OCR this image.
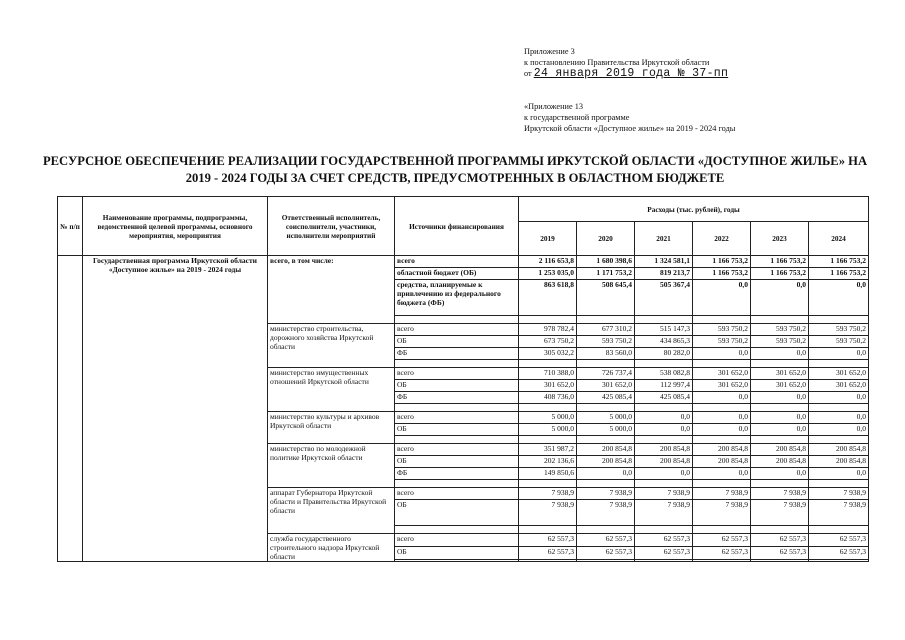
Приложение 3
к постановлению Правительства Иркутской области
от 24 января 2019 года № 37-пп
«Приложение 13
к государственной программе
Иркутской области «Доступное жилье» на 2019 - 2024 годы
РЕСУРСНОЕ ОБЕСПЕЧЕНИЕ РЕАЛИЗАЦИИ ГОСУДАРСТВЕННОЙ ПРОГРАММЫ ИРКУТСКОЙ ОБЛАСТИ «ДОСТУПНОЕ ЖИЛЬЕ» НА 2019 - 2024 ГОДЫ ЗА СЧЕТ СРЕДСТВ, ПРЕДУСМОТРЕННЫХ В ОБЛАСТНОМ БЮДЖЕТЕ
№ п/п	Наименование программы, подпрограммы, ведомственной целевой программы, основного мероприятия, мероприятия	Ответственный исполнитель, соисполнители, участники, исполнители мероприятий	Источники финансирования	Расходы (тыс. рублей), годы					
				2019	2020	2021	2022	2023	2024
	Государственная программа Иркутской области «Доступное жилье» на 2019 - 2024 годы	всего, в том числе:	всего	2 116 653,8	1 680 398,6	1 324 581,1	1 166 753,2	1 166 753,2	1 166 753,2
			областной бюджет (ОБ)	1 253 035,0	1 171 753,2	819 213,7	1 166 753,2	1 166 753,2	1 166 753,2
			средства, планируемые к привлечению из федерального бюджета (ФБ)	863 618,8	508 645,4	505 367,4	0,0	0,0	0,0

		министерство строительства, дорожного хозяйства Иркутской области	всего	978 782,4	677 310,2	515 147,3	593 750,2	593 750,2	593 750,2
			ОБ	673 750,2	593 750,2	434 865,3	593 750,2	593 750,2	593 750,2
			ФБ	305 032,2	83 560,0	80 282,0	0,0	0,0	0,0

		министерство имущественных отношений Иркутской области	всего	710 388,0	726 737,4	538 082,8	301 652,0	301 652,0	301 652,0
			ОБ	301 652,0	301 652,0	112 997,4	301 652,0	301 652,0	301 652,0
			ФБ	408 736,0	425 085,4	425 085,4	0,0	0,0	0,0

		министерство культуры и архивов Иркутской области	всего	5 000,0	5 000,0	0,0	0,0	0,0	0,0
			ОБ	5 000,0	5 000,0	0,0	0,0	0,0	0,0

		министерство по молодежной политике Иркутской области	всего	351 987,2	200 854,8	200 854,8	200 854,8	200 854,8	200 854,8
			ОБ	202 136,6	200 854,8	200 854,8	200 854,8	200 854,8	200 854,8
			ФБ	149 850,6	0,0	0,0	0,0	0,0	0,0

		аппарат Губернатора Иркутской области и Правительства Иркутской области	всего	7 938,9	7 938,9	7 938,9	7 938,9	7 938,9	7 938,9
			ОБ	7 938,9	7 938,9	7 938,9	7 938,9	7 938,9	7 938,9

		служба государственного строительного надзора Иркутской области	всего	62 557,3	62 557,3	62 557,3	62 557,3	62 557,3	62 557,3
			ОБ	62 557,3	62 557,3	62 557,3	62 557,3	62 557,3	62 557,3
